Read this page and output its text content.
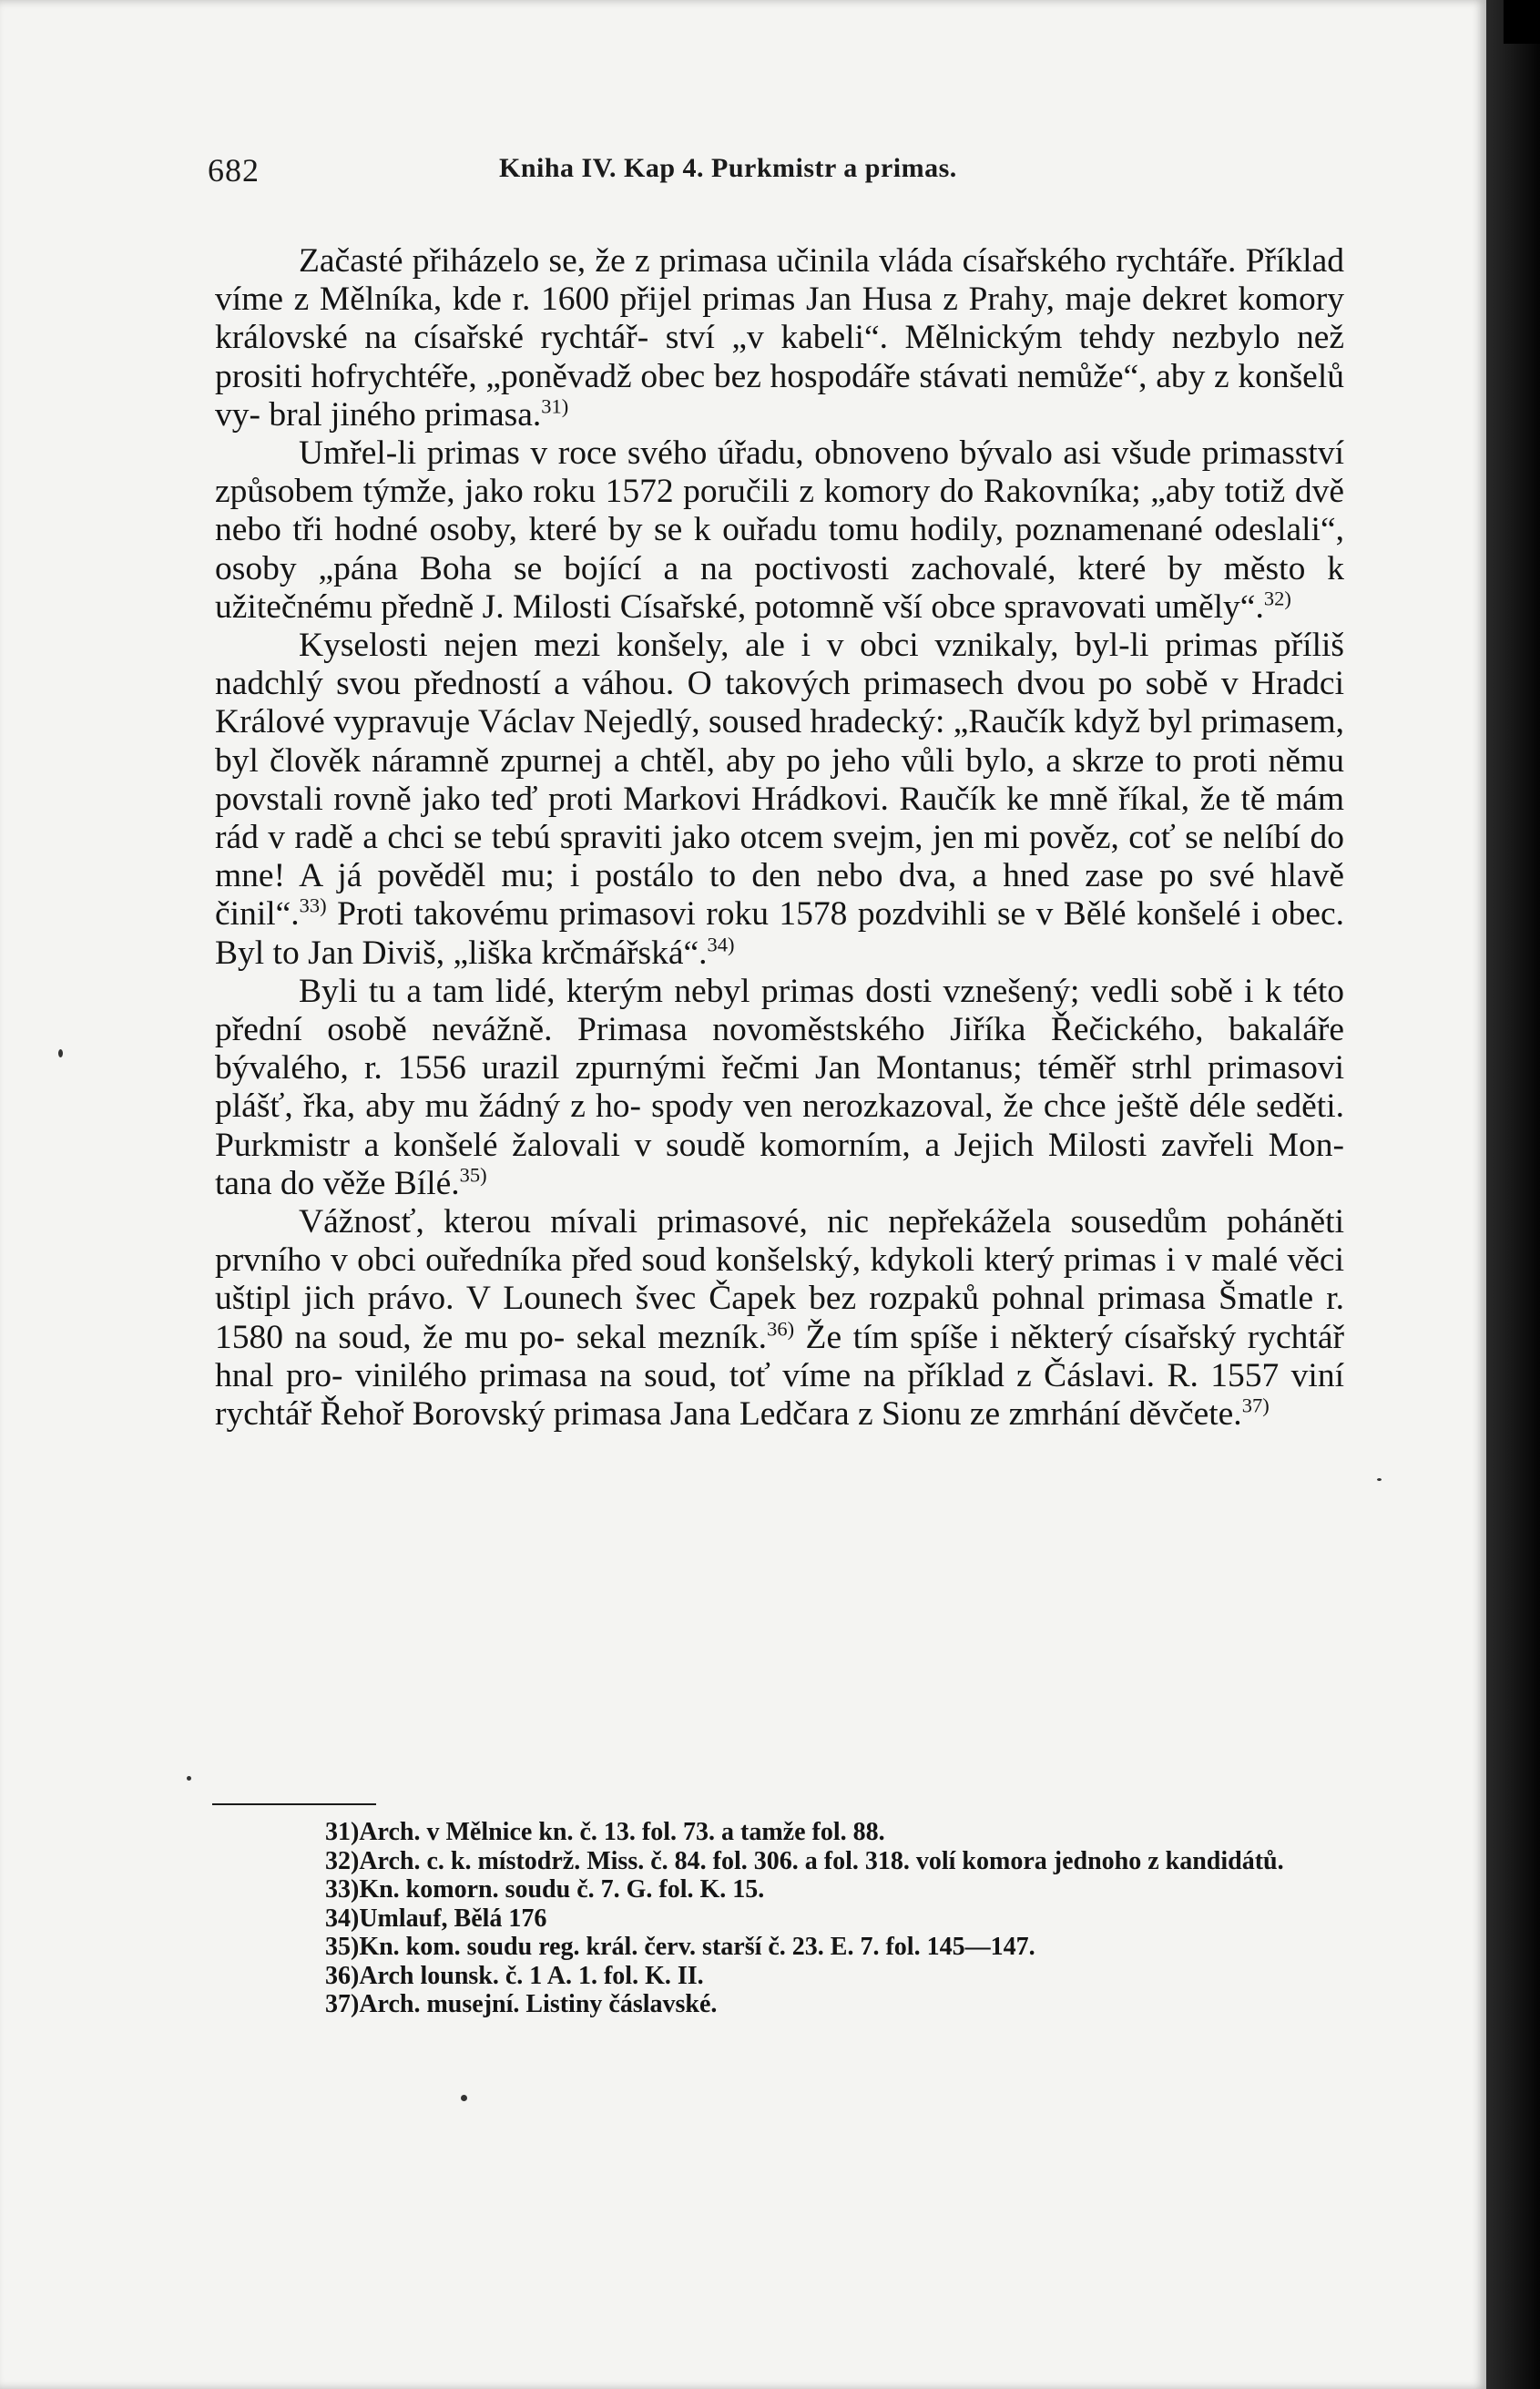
682	Kniha IV. Kap 4. Purkmistr a primas.

Začasté přiházelo se, že z primasa učinila vláda císařského rychtáře. Příklad víme z Mělníka, kde r. 1600 přijel primas Jan Husa z Prahy, maje dekret komory královské na císařské rychtář- ství „v kabeli“. Mělnickým tehdy nezbylo než prositi hofrychtéře, „poněvadž obec bez hospodáře stávati nemůže“, aby z konšelů vy- bral jiného primasa.$^{31)}$

Umřel-li primas v roce svého úřadu, obnoveno bývalo asi všude primasství způsobem týmže, jako roku 1572 poručili z komory do Rakovníka; „aby totiž dvě nebo tři hodné osoby, které by se k ouřadu tomu hodily, poznamenané odeslali“, osoby „pána Boha se bojící a na poctivosti zachovalé, které by město k užitečnému předně J. Milosti Císařské, potomně vší obce spravovati uměly“.$^{32)}$

Kyselosti nejen mezi konšely, ale i v obci vznikaly, byl-li primas příliš nadchlý svou předností a váhou. O takových primasech dvou po sobě v Hradci Králové vypravuje Václav Nejedlý, soused hradecký: „Raučík když byl primasem, byl člověk náramně zpurnej a chtěl, aby po jeho vůli bylo, a skrze to proti němu povstali rovně jako teď proti Markovi Hrádkovi. Raučík ke mně říkal, že tě mám rád v radě a chci se tebú spraviti jako otcem svejm, jen mi pověz, coť se nelíbí do mne! A já pověděl mu; i postálo to den nebo dva, a hned zase po své hlavě činil“.$^{33)}$ Proti takovému primasovi roku 1578 pozdvihli se v Bělé konšelé i obec. Byl to Jan Diviš, „liška krčmářská“.$^{34)}$

Byli tu a tam lidé, kterým nebyl primas dosti vznešený; vedli sobě i k této přední osobě nevážně. Primasa novoměstského Jiříka Řečického, bakaláře bývalého, r. 1556 urazil zpurnými řečmi Jan Montanus; téměř strhl primasovi plášť, řka, aby mu žádný z ho- spody ven nerozkazoval, že chce ještě déle seděti. Purkmistr a konšelé žalovali v soudě komorním, a Jejich Milosti zavřeli Mon- tana do věže Bílé.$^{35)}$

Vážnosť, kterou mívali primasové, nic nepřekážela sousedům poháněti prvního v obci ouředníka před soud konšelský, kdykoli který primas i v malé věci uštipl jich právo. V Lounech švec Čapek bez rozpaků pohnal primasa Šmatle r. 1580 na soud, že mu po- sekal mezník.$^{36)}$ Že tím spíše i některý císařský rychtář hnal pro- vinilého primasa na soud, toť víme na příklad z Čáslavi. R. 1557 viní rychtář Řehoř Borovský primasa Jana Ledčara z Sionu ze zmrhání děvčete.$^{37)}$

31)Arch. v Mělnice kn. č. 13. fol. 73. a tamže fol. 88.

32)Arch. c. k. místodrž. Miss. č. 84. fol. 306. a fol. 318. volí komora jednoho z kandidátů.

33)Kn. komorn. soudu č. 7. G. fol. K. 15.

34)Umlauf, Bělá 176

35)Kn. kom. soudu reg. král. červ. starší č. 23. E. 7. fol. 145—147.

36)Arch lounsk. č. 1 A. 1. fol. K. II.

37)Arch. musejní. Listiny čáslavské.
